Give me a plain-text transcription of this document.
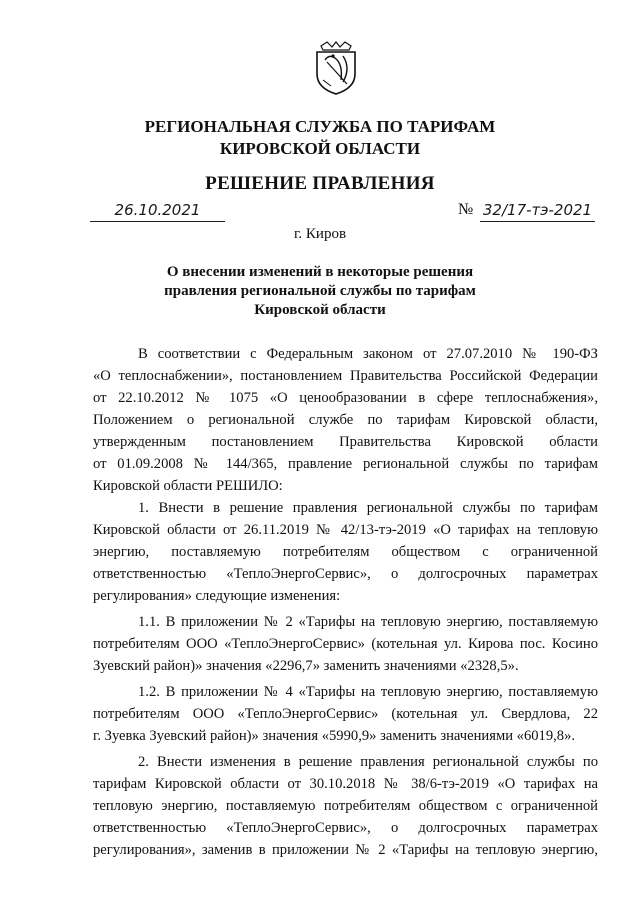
РЕГИОНАЛЬНАЯ СЛУЖБА ПО ТАРИФАМ
КИРОВСКОЙ ОБЛАСТИ
РЕШЕНИЕ ПРАВЛЕНИЯ
26.10.2021	№ 32/17-тэ-2021
г. Киров
О внесении изменений в некоторые решения
правления региональной службы по тарифам
Кировской области
В соответствии с Федеральным законом от 27.07.2010 № 190-ФЗ
«О теплоснабжении», постановлением Правительства Российской Федерации
от 22.10.2012 № 1075 «О ценообразовании в сфере теплоснабжения»,
Положением о региональной службе по тарифам Кировской области,
утвержденным постановлением Правительства Кировской области
от 01.09.2008 № 144/365, правление региональной службы по тарифам
Кировской области РЕШИЛО:
1. Внести в решение правления региональной службы по тарифам
Кировской области от 26.11.2019 № 42/13-тэ-2019 «О тарифах на тепловую
энергию, поставляемую потребителям обществом с ограниченной
ответственностью «ТеплоЭнергоСервис», о долгосрочных параметрах
регулирования» следующие изменения:
1.1. В приложении № 2 «Тарифы на тепловую энергию, поставляемую
потребителям ООО «ТеплоЭнергоСервис» (котельная ул. Кирова пос. Косино
Зуевский район)» значения «2296,7» заменить значениями «2328,5».
1.2. В приложении № 4 «Тарифы на тепловую энергию, поставляемую
потребителям ООО «ТеплоЭнергоСервис» (котельная ул. Свердлова, 22
г. Зуевка Зуевский район)» значения «5990,9» заменить значениями «6019,8».
2. Внести изменения в решение правления региональной службы по
тарифам Кировской области от 30.10.2018 № 38/6-тэ-2019 «О тарифах на
тепловую энергию, поставляемую потребителям обществом с ограниченной
ответственностью «ТеплоЭнергоСервис», о долгосрочных параметрах
регулирования», заменив в приложении № 2 «Тарифы на тепловую энергию,
